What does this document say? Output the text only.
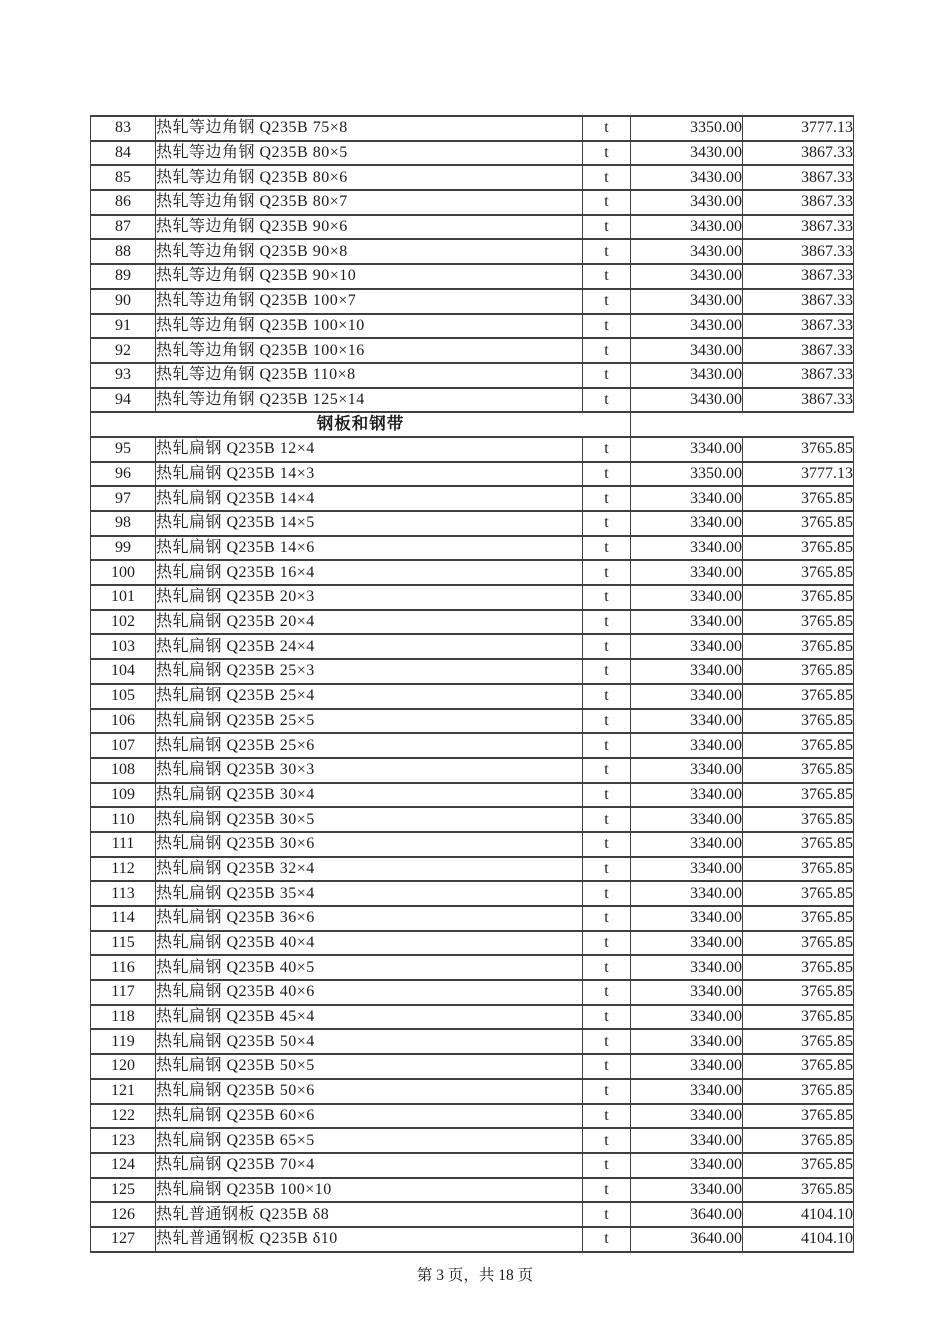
83	热轧等边角钢 Q235B 75×8	t	3350.00	3777.13
84	热轧等边角钢 Q235B 80×5	t	3430.00	3867.33
85	热轧等边角钢 Q235B 80×6	t	3430.00	3867.33
86	热轧等边角钢 Q235B 80×7	t	3430.00	3867.33
87	热轧等边角钢 Q235B 90×6	t	3430.00	3867.33
88	热轧等边角钢 Q235B 90×8	t	3430.00	3867.33
89	热轧等边角钢 Q235B 90×10	t	3430.00	3867.33
90	热轧等边角钢 Q235B 100×7	t	3430.00	3867.33
91	热轧等边角钢 Q235B 100×10	t	3430.00	3867.33
92	热轧等边角钢 Q235B 100×16	t	3430.00	3867.33
93	热轧等边角钢 Q235B 110×8	t	3430.00	3867.33
94	热轧等边角钢 Q235B 125×14	t	3430.00	3867.33
钢板和钢带				
95	热轧扁钢 Q235B 12×4	t	3340.00	3765.85
96	热轧扁钢 Q235B 14×3	t	3350.00	3777.13
97	热轧扁钢 Q235B 14×4	t	3340.00	3765.85
98	热轧扁钢 Q235B 14×5	t	3340.00	3765.85
99	热轧扁钢 Q235B 14×6	t	3340.00	3765.85
100	热轧扁钢 Q235B 16×4	t	3340.00	3765.85
101	热轧扁钢 Q235B 20×3	t	3340.00	3765.85
102	热轧扁钢 Q235B 20×4	t	3340.00	3765.85
103	热轧扁钢 Q235B 24×4	t	3340.00	3765.85
104	热轧扁钢 Q235B 25×3	t	3340.00	3765.85
105	热轧扁钢 Q235B 25×4	t	3340.00	3765.85
106	热轧扁钢 Q235B 25×5	t	3340.00	3765.85
107	热轧扁钢 Q235B 25×6	t	3340.00	3765.85
108	热轧扁钢 Q235B 30×3	t	3340.00	3765.85
109	热轧扁钢 Q235B 30×4	t	3340.00	3765.85
110	热轧扁钢 Q235B 30×5	t	3340.00	3765.85
111	热轧扁钢 Q235B 30×6	t	3340.00	3765.85
112	热轧扁钢 Q235B 32×4	t	3340.00	3765.85
113	热轧扁钢 Q235B 35×4	t	3340.00	3765.85
114	热轧扁钢 Q235B 36×6	t	3340.00	3765.85
115	热轧扁钢 Q235B 40×4	t	3340.00	3765.85
116	热轧扁钢 Q235B 40×5	t	3340.00	3765.85
117	热轧扁钢 Q235B 40×6	t	3340.00	3765.85
118	热轧扁钢 Q235B 45×4	t	3340.00	3765.85
119	热轧扁钢 Q235B 50×4	t	3340.00	3765.85
120	热轧扁钢 Q235B 50×5	t	3340.00	3765.85
121	热轧扁钢 Q235B 50×6	t	3340.00	3765.85
122	热轧扁钢 Q235B 60×6	t	3340.00	3765.85
123	热轧扁钢 Q235B 65×5	t	3340.00	3765.85
124	热轧扁钢 Q235B 70×4	t	3340.00	3765.85
125	热轧扁钢 Q235B 100×10	t	3340.00	3765.85
126	热轧普通钢板 Q235B δ8	t	3640.00	4104.10
127	热轧普通钢板 Q235B δ10	t	3640.00	4104.10
第 3 页，共 18 页
